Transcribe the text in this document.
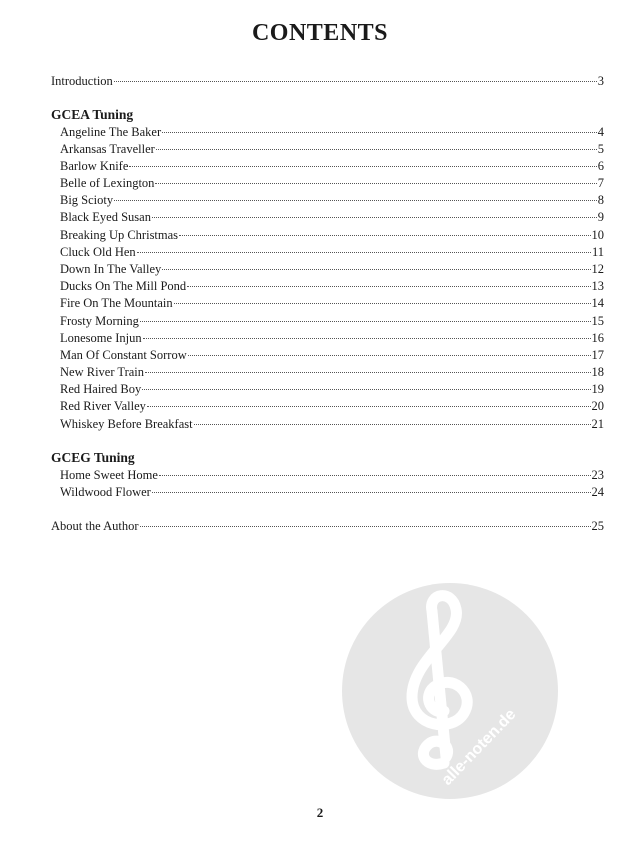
CONTENTS
Introduction	3
GCEA Tuning
Angeline The Baker	4
Arkansas Traveller	5
Barlow Knife	6
Belle of Lexington	7
Big Scioty	8
Black Eyed Susan	9
Breaking Up Christmas	10
Cluck Old Hen	11
Down In The Valley	12
Ducks On The Mill Pond	13
Fire On The Mountain	14
Frosty Morning	15
Lonesome Injun	16
Man Of Constant Sorrow	17
New River Train	18
Red Haired Boy	19
Red River Valley	20
Whiskey Before Breakfast	21
GCEG Tuning
Home Sweet Home	23
Wildwood Flower	24
About the Author	25
alle-noten.de
2
